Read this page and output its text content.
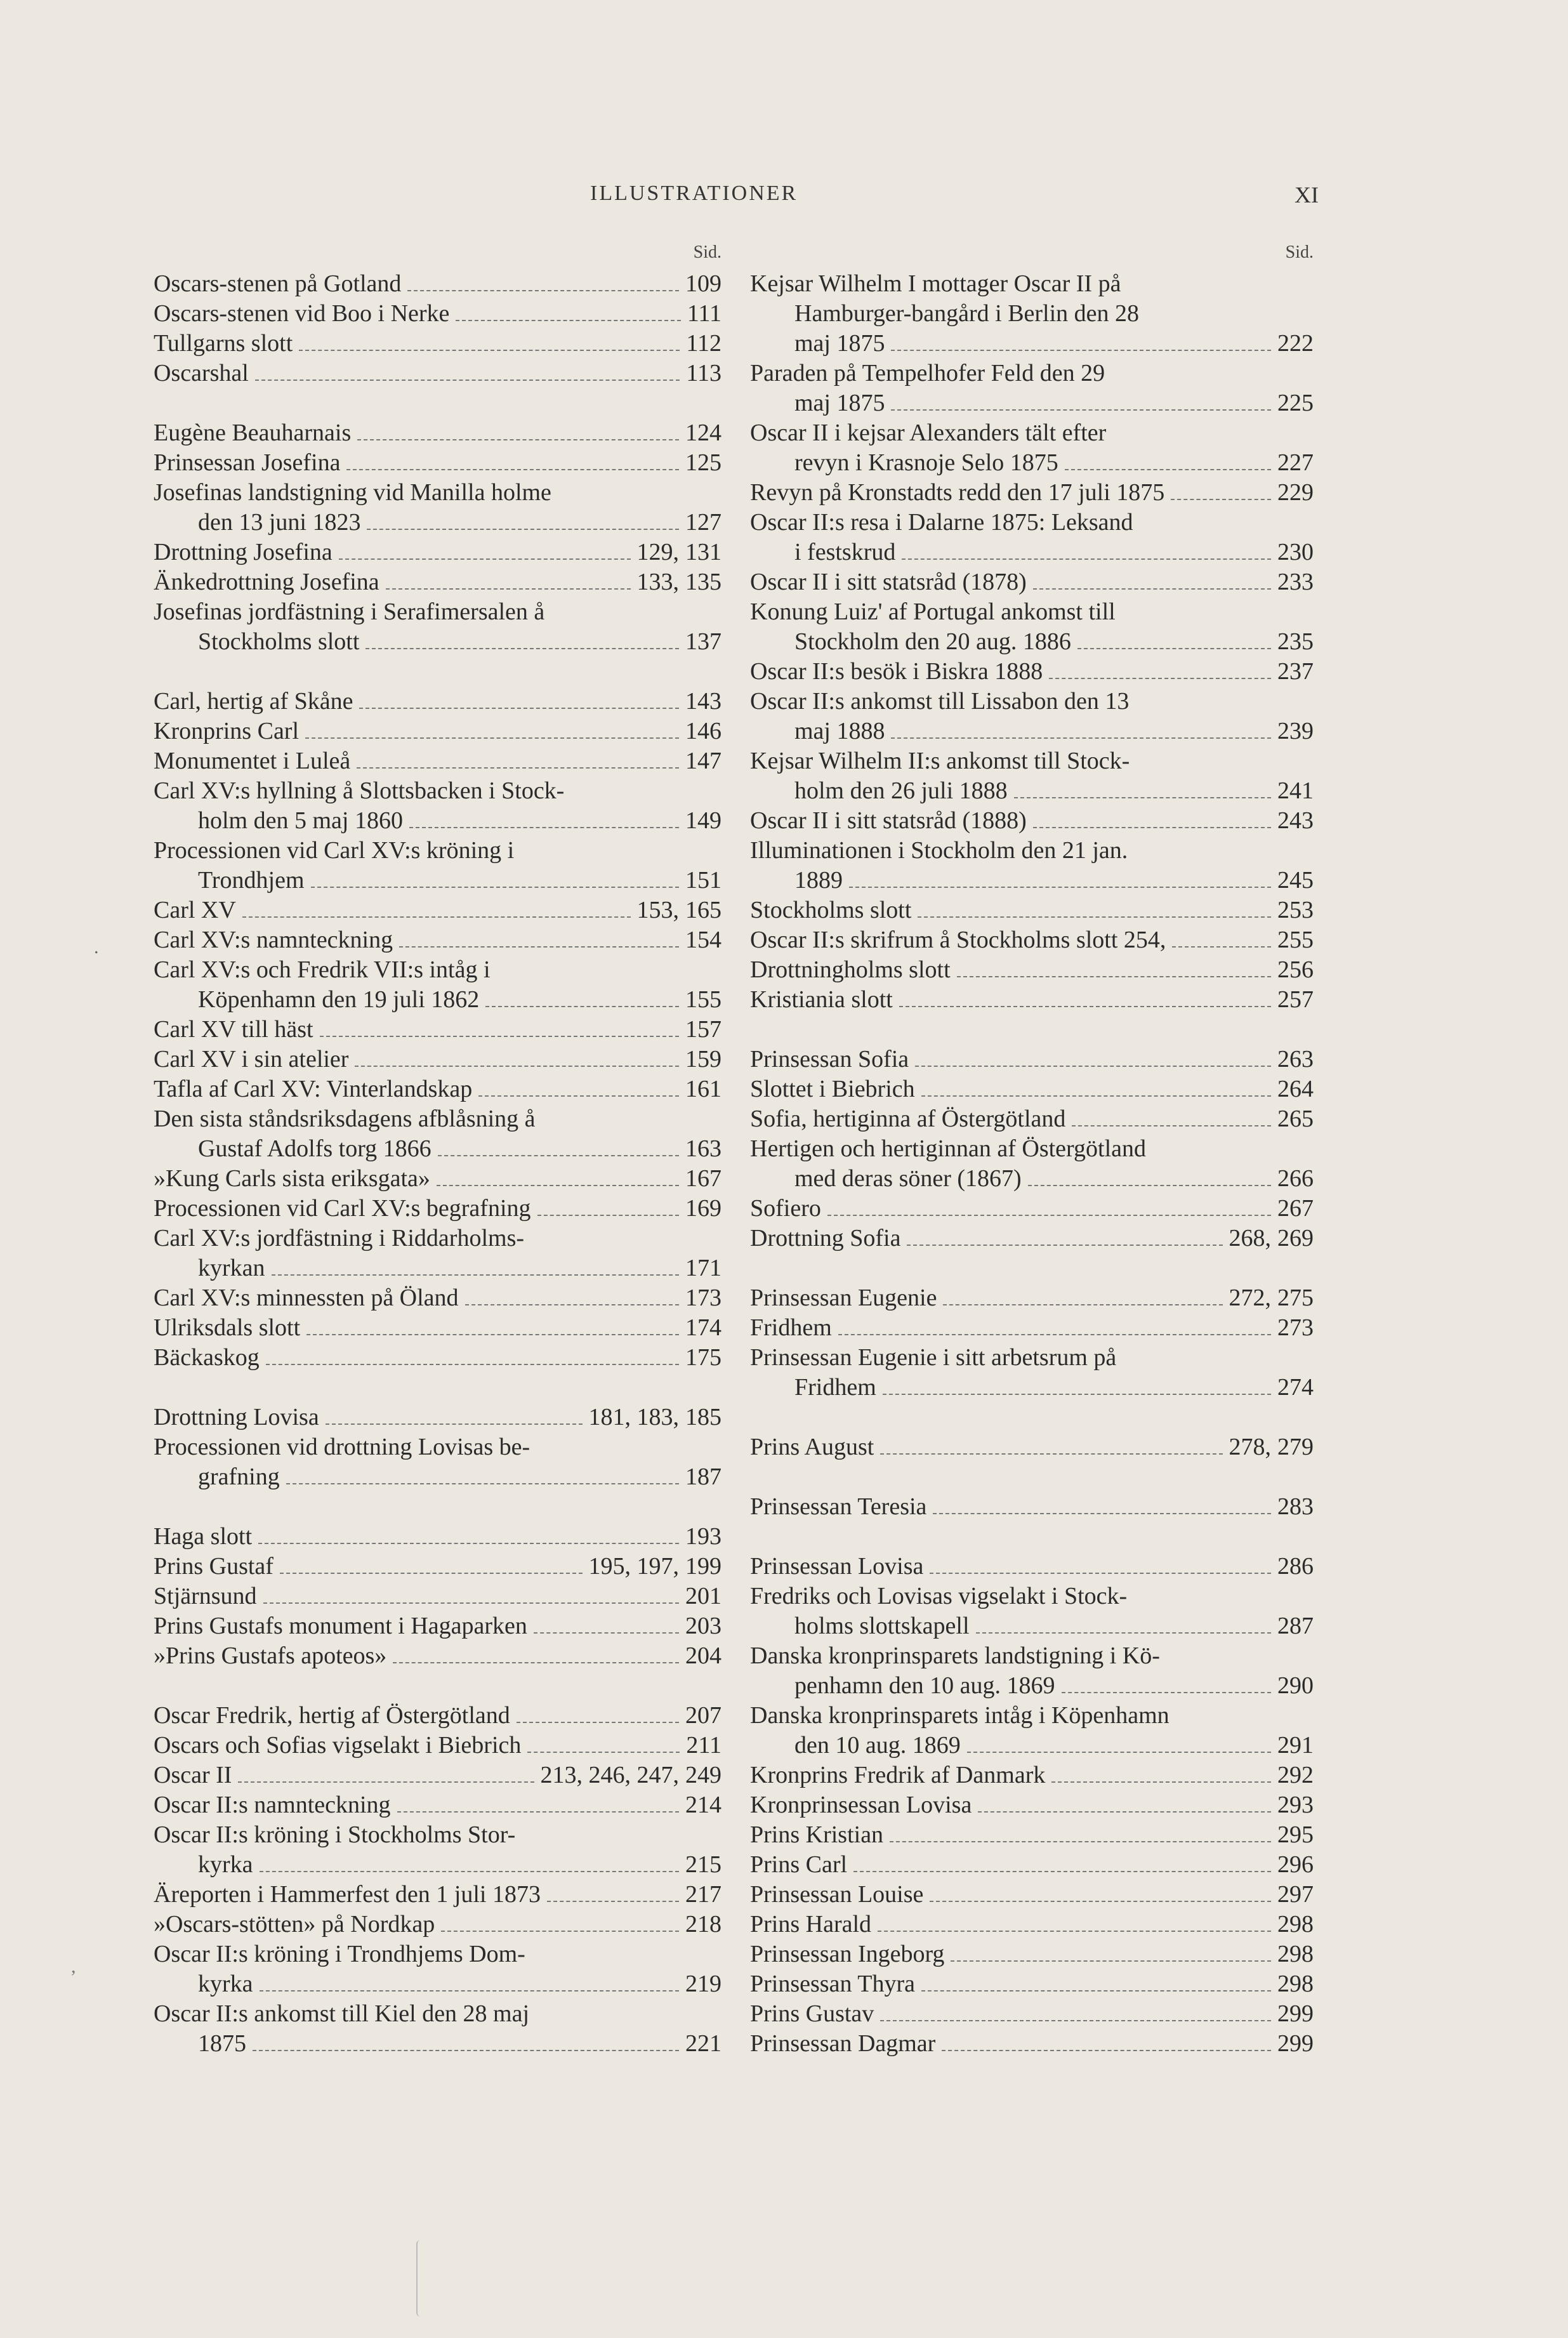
ILLUSTRATIONER	XI
Sid.
Oscars-stenen på Gotland	109
Oscars-stenen vid Boo i Nerke	111
Tullgarns slott	112
Oscarshal	113
Eugène Beauharnais	124
Prinsessan Josefina	125
Josefinas landstigning vid Manilla holme
den 13 juni 1823	127
Drottning Josefina	129, 131
Änkedrottning Josefina	133, 135
Josefinas jordfästning i Serafimersalen å
Stockholms slott	137
Carl, hertig af Skåne	143
Kronprins Carl	146
Monumentet i Luleå	147
Carl XV:s hyllning å Slottsbacken i Stock-
holm den 5 maj 1860	149
Processionen vid Carl XV:s kröning i
Trondhjem	151
Carl XV	153, 165
Carl XV:s namnteckning	154
Carl XV:s och Fredrik VII:s intåg i
Köpenhamn den 19 juli 1862	155
Carl XV till häst	157
Carl XV i sin atelier	159
Tafla af Carl XV: Vinterlandskap	161
Den sista ståndsriksdagens afblåsning å
Gustaf Adolfs torg 1866	163
»Kung Carls sista eriksgata»	167
Processionen vid Carl XV:s begrafning	169
Carl XV:s jordfästning i Riddarholms-
kyrkan	171
Carl XV:s minnessten på Öland	173
Ulriksdals slott	174
Bäckaskog	175
Drottning Lovisa	181, 183, 185
Processionen vid drottning Lovisas be-
grafning	187
Haga slott	193
Prins Gustaf	195, 197, 199
Stjärnsund	201
Prins Gustafs monument i Hagaparken	203
»Prins Gustafs apoteos»	204
Oscar Fredrik, hertig af Östergötland	207
Oscars och Sofias vigselakt i Biebrich	211
Oscar II	213, 246, 247, 249
Oscar II:s namnteckning	214
Oscar II:s kröning i Stockholms Stor-
kyrka	215
Äreporten i Hammerfest den 1 juli 1873	217
»Oscars-stötten» på Nordkap	218
Oscar II:s kröning i Trondhjems Dom-
kyrka	219
Oscar II:s ankomst till Kiel den 28 maj
1875	221
Sid.
Kejsar Wilhelm I mottager Oscar II på
Hamburger-bangård i Berlin den 28
maj 1875	222
Paraden på Tempelhofer Feld den 29
maj 1875	225
Oscar II i kejsar Alexanders tält efter
revyn i Krasnoje Selo 1875	227
Revyn på Kronstadts redd den 17 juli 1875	229
Oscar II:s resa i Dalarne 1875: Leksand
i festskrud	230
Oscar II i sitt statsråd (1878)	233
Konung Luiz' af Portugal ankomst till
Stockholm den 20 aug. 1886	235
Oscar II:s besök i Biskra 1888	237
Oscar II:s ankomst till Lissabon den 13
maj 1888	239
Kejsar Wilhelm II:s ankomst till Stock-
holm den 26 juli 1888	241
Oscar II i sitt statsråd (1888)	243
Illuminationen i Stockholm den 21 jan.
1889	245
Stockholms slott	253
Oscar II:s skrifrum å Stockholms slott 254,	255
Drottningholms slott	256
Kristiania slott	257
Prinsessan Sofia	263
Slottet i Biebrich	264
Sofia, hertiginna af Östergötland	265
Hertigen och hertiginnan af Östergötland
med deras söner (1867)	266
Sofiero	267
Drottning Sofia	268, 269
Prinsessan Eugenie	272, 275
Fridhem	273
Prinsessan Eugenie i sitt arbetsrum på
Fridhem	274
Prins August	278, 279
Prinsessan Teresia	283
Prinsessan Lovisa	286
Fredriks och Lovisas vigselakt i Stock-
holms slottskapell	287
Danska kronprinsparets landstigning i Kö-
penhamn den 10 aug. 1869	290
Danska kronprinsparets intåg i Köpenhamn
den 10 aug. 1869	291
Kronprins Fredrik af Danmark	292
Kronprinsessan Lovisa	293
Prins Kristian	295
Prins Carl	296
Prinsessan Louise	297
Prins Harald	298
Prinsessan Ingeborg	298
Prinsessan Thyra	298
Prins Gustav	299
Prinsessan Dagmar	299
.
,
